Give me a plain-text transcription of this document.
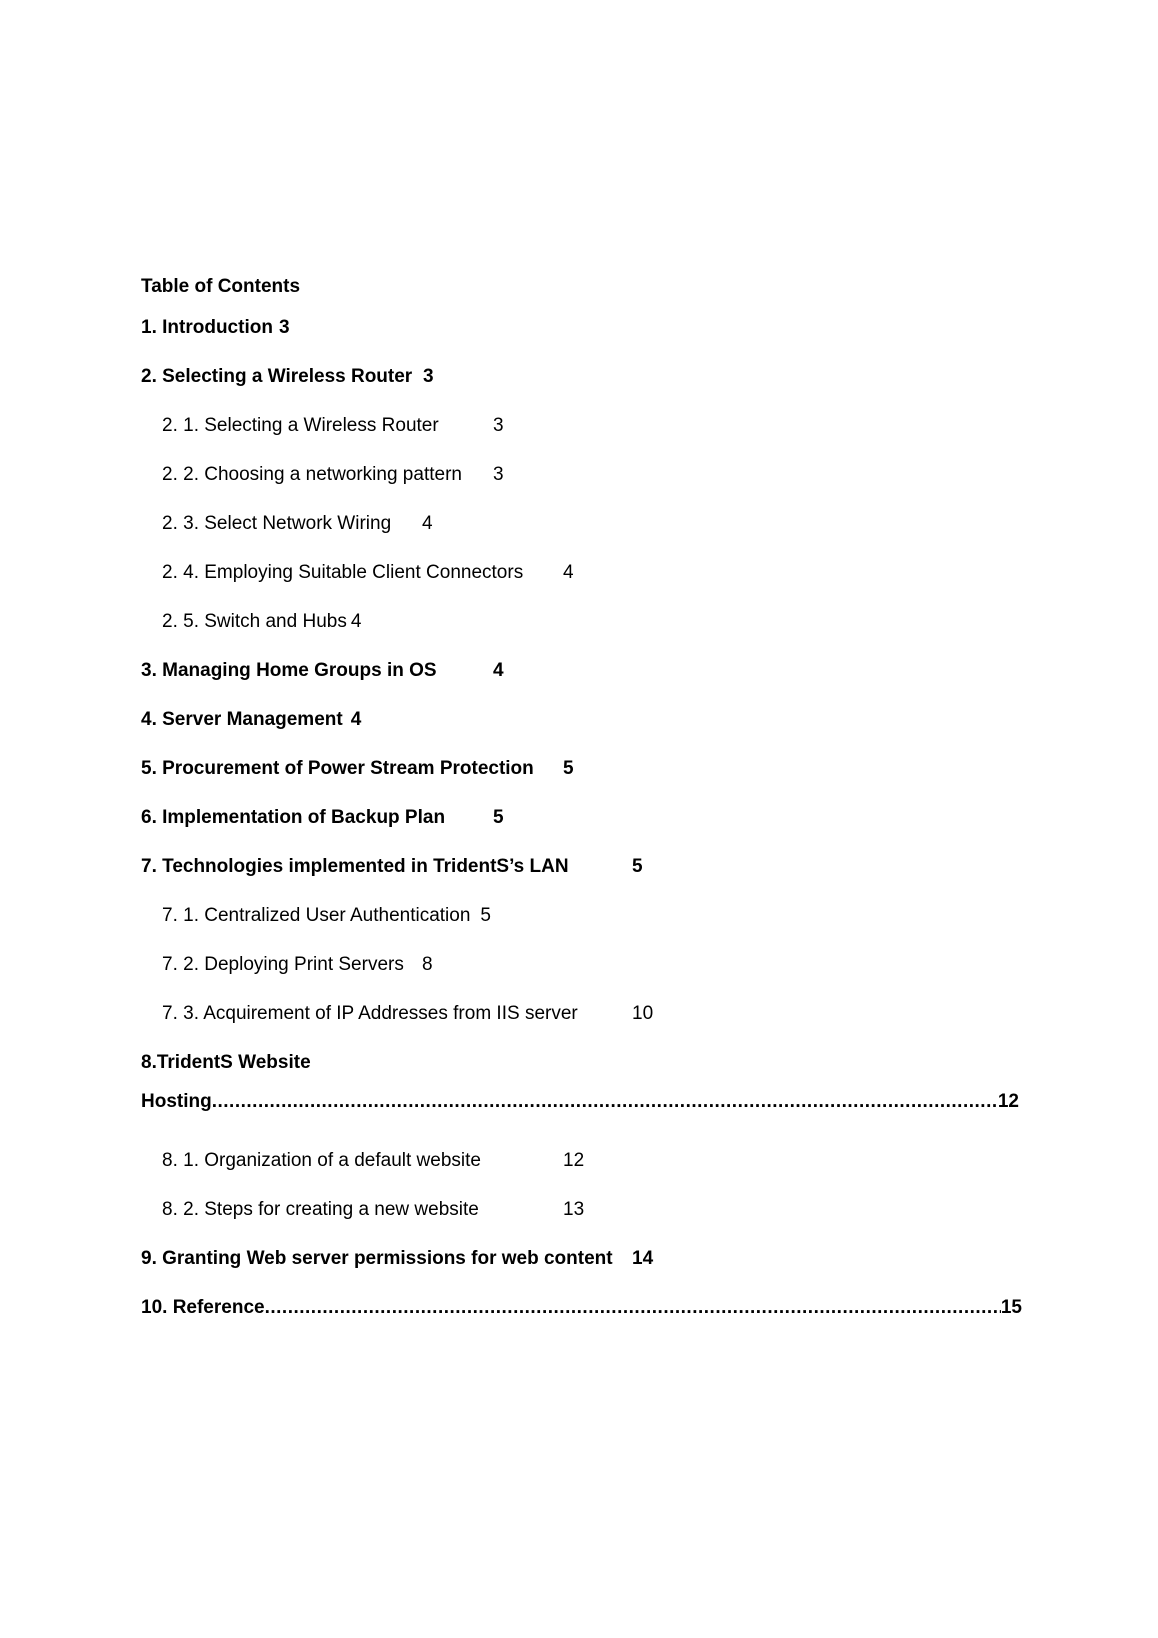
Table of Contents
1. Introduction 3
2. Selecting a Wireless Router 3
2. 1. Selecting a Wireless Router	3
2. 2. Choosing a networking pattern 3
2. 3. Select Network Wiring 4
2. 4. Employing Suitable Client Connectors 4
2. 5. Switch and Hubs 4
3. Managing Home Groups in OS	4
4. Server Management 4
5. Procurement of Power Stream Protection 5
6. Implementation of Backup Plan	5
7. Technologies implemented in TridentS’s LAN	5
7. 1. Centralized User Authentication 5
7. 2. Deploying Print Servers 8
7. 3. Acquirement of IP Addresses from IIS server	10
8.TridentS Website
Hosting .....	12
8. 1. Organization of a default website	12
8. 2. Steps for creating a new website	13
9. Granting Web server permissions for web content 14
10. Reference .....	15
